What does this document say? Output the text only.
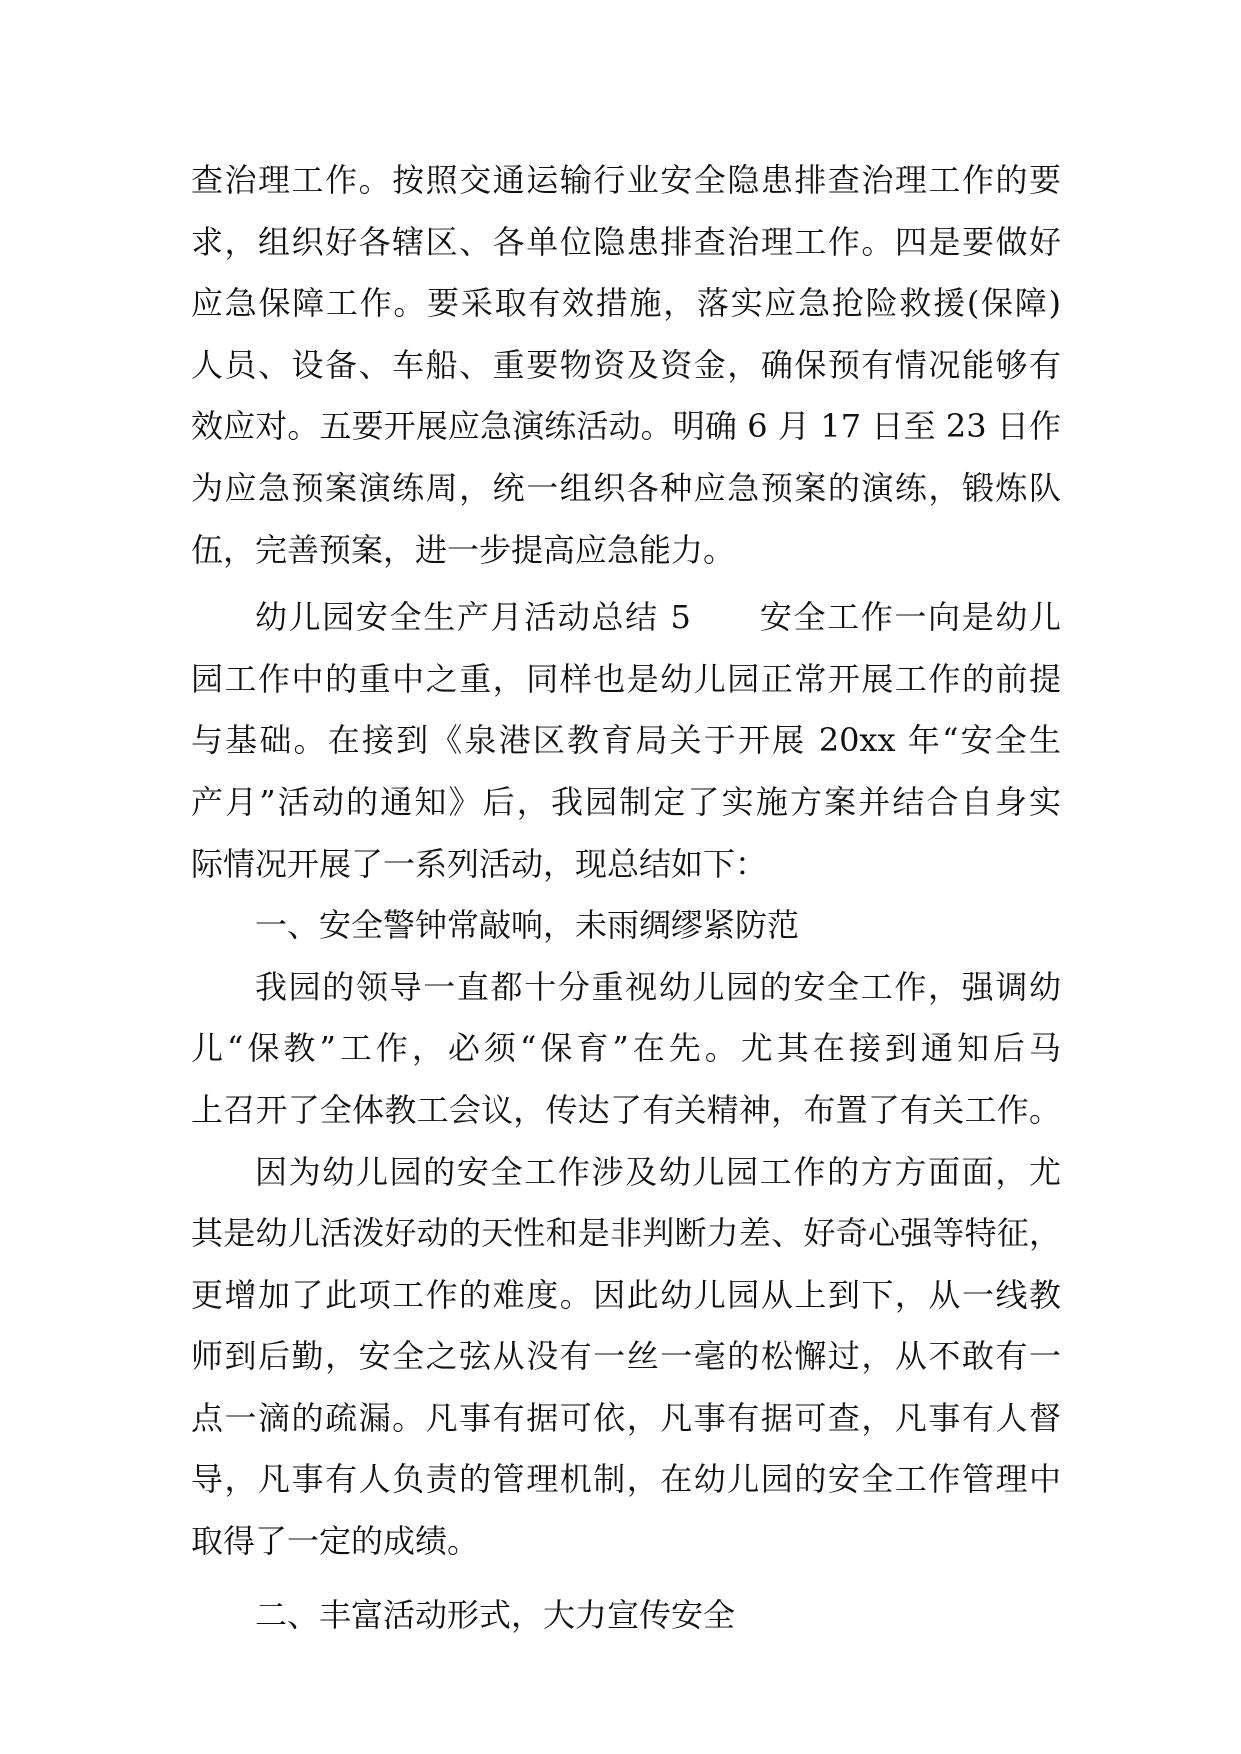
查治理工作。按照交通运输行业安全隐患排查治理工作的要
求，组织好各辖区、各单位隐患排查治理工作。四是要做好
应急保障工作。要采取有效措施，落实应急抢险救援(保障)
人员、设备、车船、重要物资及资金，确保预有情况能够有
效应对。五要开展应急演练活动。明确 6 月 17 日至 23 日作
为应急预案演练周，统一组织各种应急预案的演练，锻炼队
伍，完善预案，进一步提高应急能力。
幼儿园安全生产月活动总结 5　　安全工作一向是幼儿
园工作中的重中之重，同样也是幼儿园正常开展工作的前提
与基础。在接到《泉港区教育局关于开展 20xx 年“安全生
产月”活动的通知》后，我园制定了实施方案并结合自身实
际情况开展了一系列活动，现总结如下：
一、安全警钟常敲响，未雨绸缪紧防范
我园的领导一直都十分重视幼儿园的安全工作，强调幼
儿“保教”工作，必须“保育”在先。尤其在接到通知后马
上召开了全体教工会议，传达了有关精神，布置了有关工作。
因为幼儿园的安全工作涉及幼儿园工作的方方面面，尤
其是幼儿活泼好动的天性和是非判断力差、好奇心强等特征，
更增加了此项工作的难度。因此幼儿园从上到下，从一线教
师到后勤，安全之弦从没有一丝一毫的松懈过，从不敢有一
点一滴的疏漏。凡事有据可依，凡事有据可查，凡事有人督
导，凡事有人负责的管理机制，在幼儿园的安全工作管理中
取得了一定的成绩。
二、丰富活动形式，大力宣传安全
